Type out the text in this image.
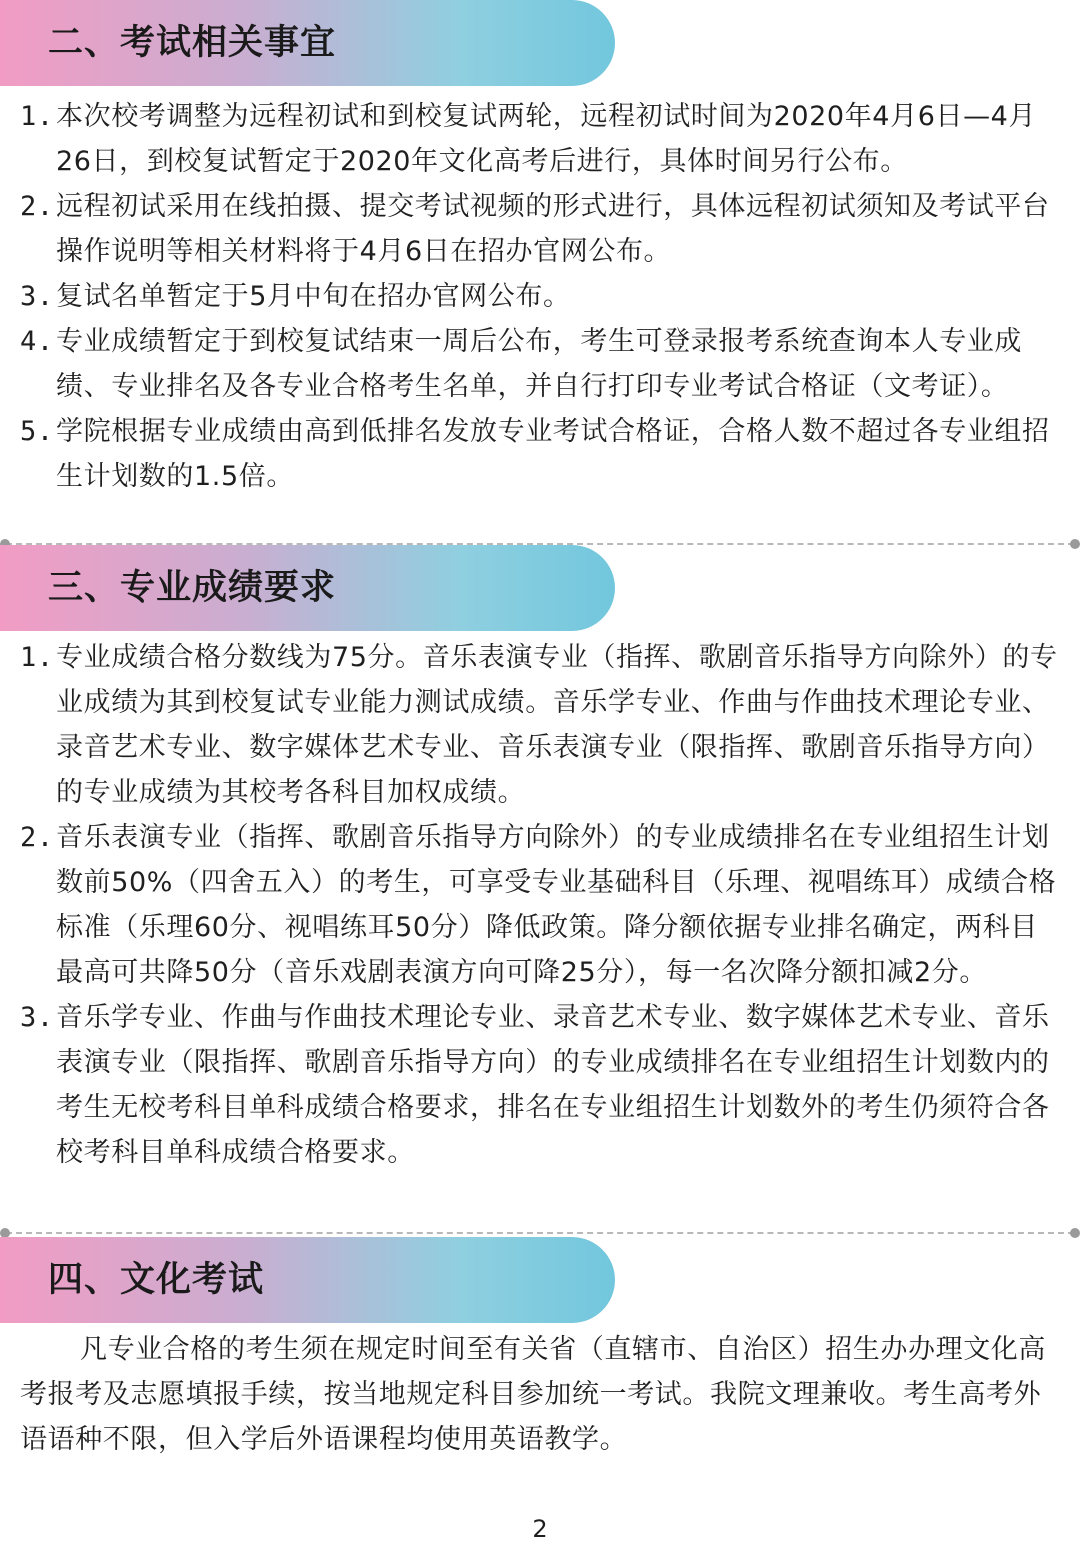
二、考试相关事宜
1. 本次校考调整为远程初试和到校复试两轮，远程初试时间为2020年4月6日—4月26日，到校复试暂定于2020年文化高考后进行，具体时间另行公布。
2. 远程初试采用在线拍摄、提交考试视频的形式进行，具体远程初试须知及考试平台操作说明等相关材料将于4月6日在招办官网公布。
3. 复试名单暂定于5月中旬在招办官网公布。
4. 专业成绩暂定于到校复试结束一周后公布，考生可登录报考系统查询本人专业成绩、专业排名及各专业合格考生名单，并自行打印专业考试合格证（文考证）。
5. 学院根据专业成绩由高到低排名发放专业考试合格证，合格人数不超过各专业组招生计划数的1.5倍。
三、专业成绩要求
1. 专业成绩合格分数线为75分。音乐表演专业（指挥、歌剧音乐指导方向除外）的专业成绩为其到校复试专业能力测试成绩。音乐学专业、作曲与作曲技术理论专业、录音艺术专业、数字媒体艺术专业、音乐表演专业（限指挥、歌剧音乐指导方向）的专业成绩为其校考各科目加权成绩。
2. 音乐表演专业（指挥、歌剧音乐指导方向除外）的专业成绩排名在专业组招生计划数前50%（四舍五入）的考生，可享受专业基础科目（乐理、视唱练耳）成绩合格标准（乐理60分、视唱练耳50分）降低政策。降分额依据专业排名确定，两科目最高可共降50分（音乐戏剧表演方向可降25分），每一名次降分额扣减2分。
3. 音乐学专业、作曲与作曲技术理论专业、录音艺术专业、数字媒体艺术专业、音乐表演专业（限指挥、歌剧音乐指导方向）的专业成绩排名在专业组招生计划数内的考生无校考科目单科成绩合格要求，排名在专业组招生计划数外的考生仍须符合各校考科目单科成绩合格要求。
四、文化考试

凡专业合格的考生须在规定时间至有关省（直辖市、自治区）招生办办理文化高考报考及志愿填报手续，按当地规定科目参加统一考试。我院文理兼收。考生高考外语语种不限，但入学后外语课程均使用英语教学。

2
